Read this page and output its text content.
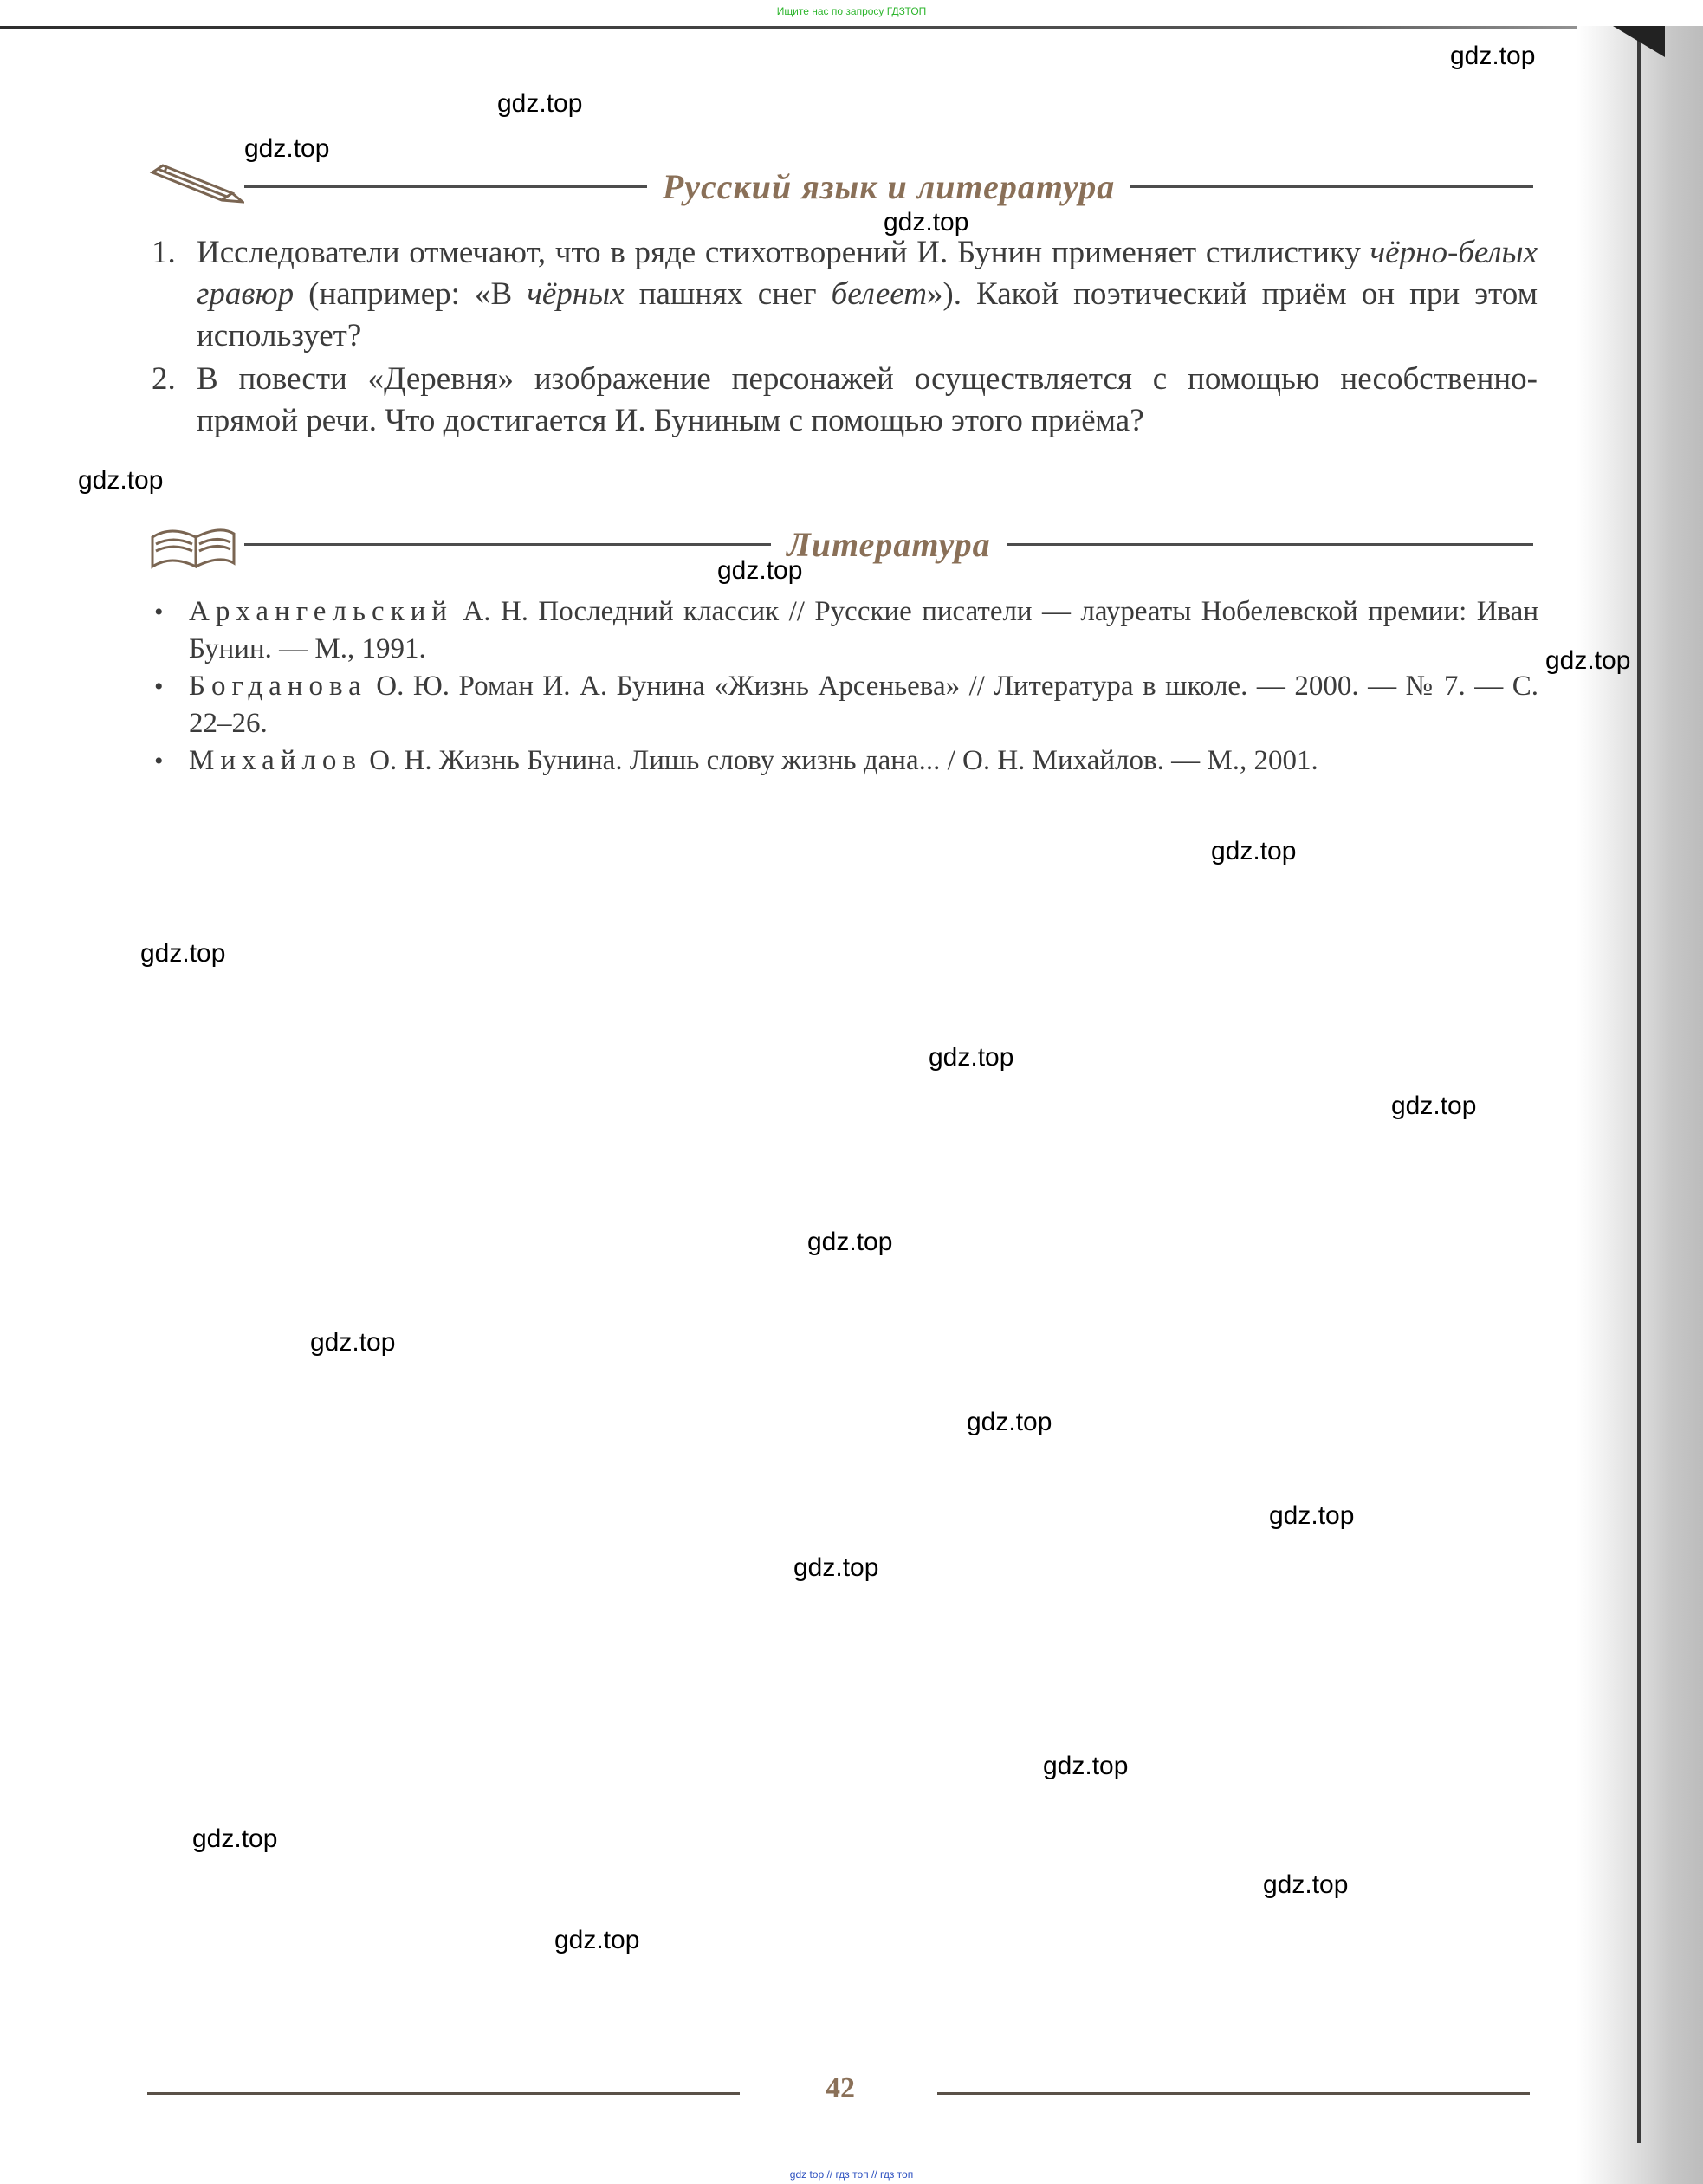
Ищите нас по запросу ГДЗТОП
Русский язык и литература
1. Исследователи отмечают, что в ряде стихотворений И. Бунин применяет стилистику чёрно-белых гравюр (например: «В чёрных пашнях снег белеет»). Какой поэтический приём он при этом использует?
2. В повести «Деревня» изображение персонажей осуществляется с помощью несобственно-прямой речи. Что достигается И. Буниным с помощью этого приёма?
Литература
• Архангельский А. Н. Последний классик // Русские писатели — лауреаты Нобелевской премии: Иван Бунин. — М., 1991.
• Богданова О. Ю. Роман И. А. Бунина «Жизнь Арсеньева» // Литература в школе. — 2000. — № 7. — С. 22–26.
• Михайлов О. Н. Жизнь Бунина. Лишь слову жизнь дана... / О. Н. Михайлов. — М., 2001.
gdz.top
gdz.top
gdz.top
gdz.top
gdz.top
gdz.top
gdz.top
gdz.top
gdz.top
gdz.top
gdz.top
gdz.top
gdz.top
gdz.top
gdz.top
gdz.top
gdz.top
gdz.top
gdz.top
gdz.top
42
gdz top // гдз топ // гдз топ
